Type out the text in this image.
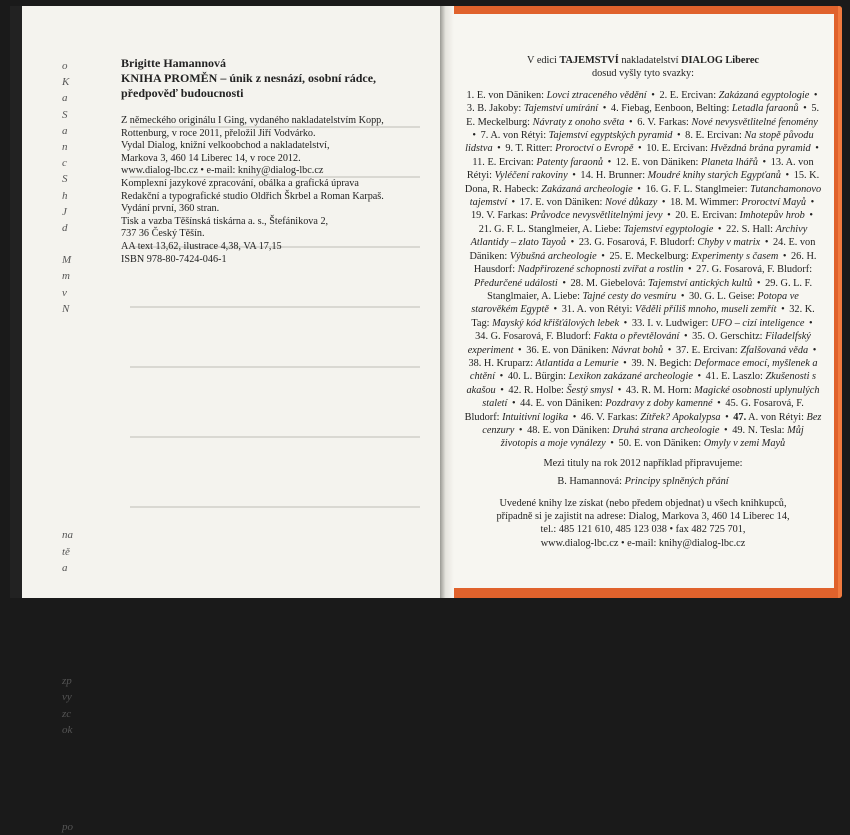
o
K
a
S
a
n
c
S
h
J
d
M
m
v
N
na
tě
a
zp
vy
zc
ok
po
Brigitte Hamannová
KNIHA PROMĚN – únik z nesnází, osobní rádce,
předpověď budoucnosti
Z německého originálu I Ging, vydaného nakladatelstvím Kopp,
Rottenburg, v roce 2011, přeložil Jiří Vodvárko.
Vydal Dialog, knižní velkoobchod a nakladatelství,
Markova 3, 460 14 Liberec 14, v roce 2012.
www.dialog-lbc.cz • e-mail: knihy@dialog-lbc.cz
Komplexní jazykové zpracování, obálka a grafická úprava
Redakční a typografické studio Oldřich Škrbel a Roman Karpaš.
Vydání první, 360 stran.
Tisk a vazba Těšínská tiskárna a. s., Štefánikova 2,
737 36 Český Těšín.
AA text 13,62, ilustrace 4,38, VA 17,15
ISBN 978-80-7424-046-1
V edici TAJEMSTVÍ nakladatelství DIALOG Liberec
dosud vyšly tyto svazky:
1. E. von Däniken: Lovci ztraceného vědění • 2. E. Ercivan: Zakázaná egyptologie • 3. B. Jakoby: Tajemství umírání • 4. Fiebag, Eenboon, Belting: Letadla faraonů • 5. E. Meckelburg: Návraty z onoho světa • 6. V. Farkas: Nové nevysvětlitelné fenomény • 7. A. von Rétyi: Tajemství egyptských pyramid • 8. E. Ercivan: Na stopě původu lidstva • 9. T. Ritter: Proroctví o Evropě • 10. E. Ercivan: Hvězdná brána pyramid • 11. E. Ercivan: Patenty faraonů • 12. E. von Däniken: Planeta lhářů • 13. A. von Rétyi: Vyléčení rakoviny • 14. H. Brunner: Moudré knihy starých Egypťanů • 15. K. Dona, R. Habeck: Zakázaná archeologie • 16. G. F. L. Stanglmeier: Tutanchamonovo tajemství • 17. E. von Däniken: Nové důkazy • 18. M. Wimmer: Proroctví Mayů • 19. V. Farkas: Průvodce nevysvětlitelnými jevy • 20. E. Ercivan: Imhotepův hrob • 21. G. F. L. Stanglmeier, A. Liebe: Tajemství egyptologie • 22. S. Hall: Archivy Atlantidy – zlato Tayoů • 23. G. Fosarová, F. Bludorf: Chyby v matrix • 24. E. von Däniken: Výbušná archeologie • 25. E. Meckelburg: Experimenty s časem • 26. H. Hausdorf: Nadpřirozené schopnosti zvířat a rostlin • 27. G. Fosarová, F. Bludorf: Předurčené události • 28. M. Giebelová: Tajemství antických kultů • 29. G. L. F. Stanglmaier, A. Liebe: Tajné cesty do vesmíru • 30. G. L. Geise: Potopa ve starověkém Egyptě • 31. A. von Rétyi: Věděli příliš mnoho, museli zemřít • 32. K. Tag: Mayský kód křišťálových lebek • 33. I. v. Ludwiger: UFO – cizí inteligence • 34. G. Fosarová, F. Bludorf: Fakta o převtělování • 35. O. Gerschitz: Filadelfský experiment • 36. E. von Däniken: Návrat bohů • 37. E. Ercivan: Zfalšovaná věda • 38. H. Kruparz: Atlantida a Lemurie • 39. N. Begich: Deformace emocí, myšlenek a chtění • 40. L. Bürgin: Lexikon zakázané archeologie • 41. E. Laszlo: Zkušenosti s akašou • 42. R. Holbe: Šestý smysl • 43. R. M. Horn: Magické osobnosti uplynulých staletí • 44. E. von Däniken: Pozdravy z doby kamenné • 45. G. Fosarová, F. Bludorf: Intuitivní logika • 46. V. Farkas: Zítřek? Apokalypsa • 47. A. von Rétyi: Bez cenzury • 48. E. von Däniken: Druhá strana archeologie • 49. N. Tesla: Můj životopis a moje vynálezy • 50. E. von Däniken: Omyly v zemi Mayů
Mezi tituly na rok 2012 například připravujeme:
B. Hamannová: Principy splněných přání
Uvedené knihy lze získat (nebo předem objednat) u všech knihkupců,
případně si je zajistit na adrese: Dialog, Markova 3, 460 14 Liberec 14,
tel.: 485 121 610, 485 123 038 • fax 482 725 701,
www.dialog-lbc.cz • e-mail: knihy@dialog-lbc.cz
